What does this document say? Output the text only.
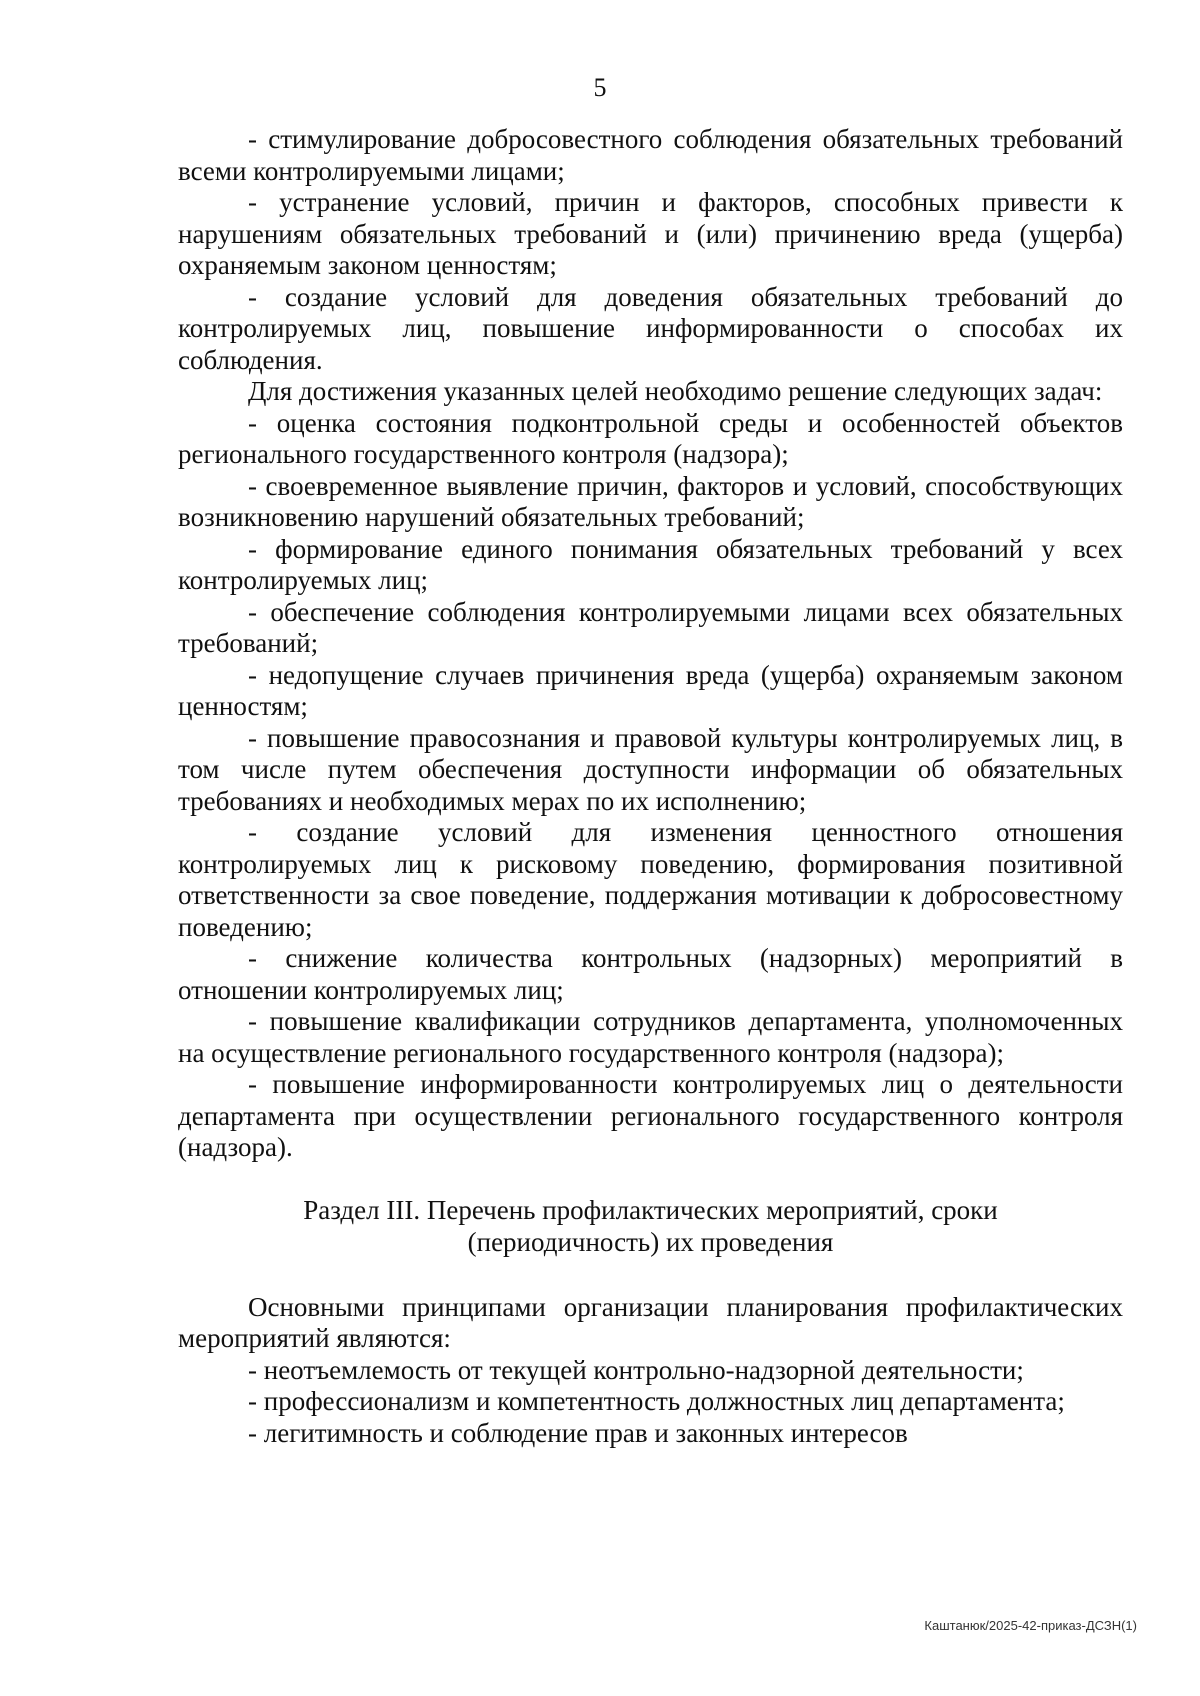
5

- стимулирование добросовестного соблюдения обязательных требований всеми контролируемыми лицами;

- устранение условий, причин и факторов, способных привести к нарушениям обязательных требований и (или) причинению вреда (ущерба) охраняемым законом ценностям;

- создание условий для доведения обязательных требований до контролируемых лиц, повышение информированности о способах их соблюдения.

Для достижения указанных целей необходимо решение следующих задач:

- оценка состояния подконтрольной среды и особенностей объектов регионального государственного контроля (надзора);

- своевременное выявление причин, факторов и условий, способствующих возникновению нарушений обязательных требований;

- формирование единого понимания обязательных требований у всех контролируемых лиц;

- обеспечение соблюдения контролируемыми лицами всех обязательных требований;

- недопущение случаев причинения вреда (ущерба) охраняемым законом ценностям;

- повышение правосознания и правовой культуры контролируемых лиц, в том числе путем обеспечения доступности информации об обязательных требованиях и необходимых мерах по их исполнению;

- создание условий для изменения ценностного отношения контролируемых лиц к рисковому поведению, формирования позитивной ответственности за свое поведение, поддержания мотивации к добросовестному поведению;

- снижение количества контрольных (надзорных) мероприятий в отношении контролируемых лиц;

- повышение квалификации сотрудников департамента, уполномоченных на осуществление регионального государственного контроля (надзора);

- повышение информированности контролируемых лиц о деятельности департамента при осуществлении регионального государственного контроля (надзора).

Раздел III. Перечень профилактических мероприятий, сроки
(периодичность) их проведения

Основными принципами организации планирования профилактических мероприятий являются:

- неотъемлемость от текущей контрольно-надзорной деятельности;

- профессионализм и компетентность должностных лиц департамента;

- легитимность и соблюдение прав и законных интересов

Каштанюк/2025-42-приказ-ДСЗН(1)
